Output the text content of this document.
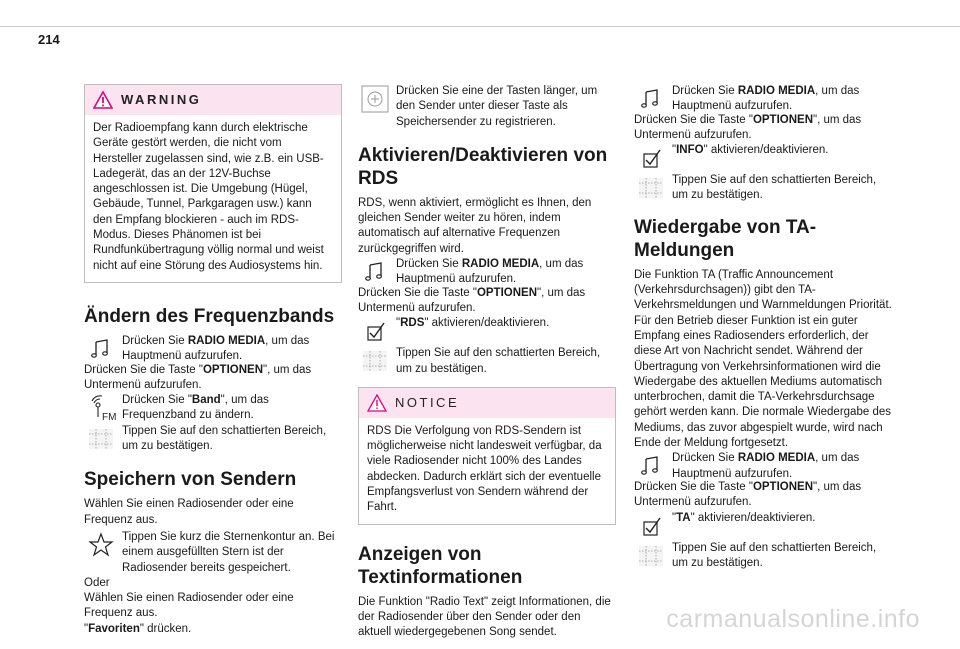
214
WARNING
Der Radioempfang kann durch elektrische Geräte gestört werden, die nicht vom Hersteller zugelassen sind, wie z.B. ein USB-Ladegerät, das an der 12V-Buchse angeschlossen ist. Die Umgebung (Hügel, Gebäude, Tunnel, Parkgaragen usw.) kann den Empfang blockieren - auch im RDS-Modus. Dieses Phänomen ist bei Rundfunkübertragung völlig normal und weist nicht auf eine Störung des Audiosystems hin.
Ändern des Frequenzbands

Drücken Sie RADIO MEDIA, um das Hauptmenü aufzurufen.

Drücken Sie die Taste "OPTIONEN", um das Untermenü aufzurufen.

FM

Drücken Sie "Band", um das Frequenzband zu ändern.

Tippen Sie auf den schattierten Bereich, um zu bestätigen.

Speichern von Sendern

Wählen Sie einen Radiosender oder eine Frequenz aus.

Tippen Sie kurz die Sternenkontur an. Bei einem ausgefüllten Stern ist der Radiosender bereits gespeichert.

Oder

Wählen Sie einen Radiosender oder eine Frequenz aus.

"Favoriten" drücken.

Drücken Sie eine der Tasten länger, um den Sender unter dieser Taste als Speichersender zu registrieren.

Aktivieren/Deaktivieren von RDS

RDS, wenn aktiviert, ermöglicht es Ihnen, den gleichen Sender weiter zu hören, indem automatisch auf alternative Frequenzen zurückgegriffen wird.

Drücken Sie RADIO MEDIA, um das Hauptmenü aufzurufen.

Drücken Sie die Taste "OPTIONEN", um das Untermenü aufzurufen.

"RDS" aktivieren/deaktivieren.

Tippen Sie auf den schattierten Bereich, um zu bestätigen.

NOTICE
RDS Die Verfolgung von RDS-Sendern ist möglicherweise nicht landesweit verfügbar, da viele Radiosender nicht 100% des Landes abdecken. Dadurch erklärt sich der eventuelle Empfangsverlust von Sendern während der Fahrt.
Anzeigen von Textinformationen

Die Funktion "Radio Text" zeigt Informationen, die der Radiosender über den Sender oder den aktuell wiedergegebenen Song sendet.

Drücken Sie RADIO MEDIA, um das Hauptmenü aufzurufen.

Drücken Sie die Taste "OPTIONEN", um das Untermenü aufzurufen.

"INFO" aktivieren/deaktivieren.

Tippen Sie auf den schattierten Bereich, um zu bestätigen.

Wiedergabe von TA-Meldungen

Die Funktion TA (Traffic Announcement (Verkehrsdurchsagen)) gibt den TA-Verkehrsmeldungen und Warnmeldungen Priorität. Für den Betrieb dieser Funktion ist ein guter Empfang eines Radiosenders erforderlich, der diese Art von Nachricht sendet. Während der Übertragung von Verkehrsinformationen wird die Wiedergabe des aktuellen Mediums automatisch unterbrochen, damit die TA-Verkehrsdurchsage gehört werden kann. Die normale Wiedergabe des Mediums, das zuvor abgespielt wurde, wird nach Ende der Meldung fortgesetzt.

Drücken Sie RADIO MEDIA, um das Hauptmenü aufzurufen.

Drücken Sie die Taste "OPTIONEN", um das Untermenü aufzurufen.

"TA" aktivieren/deaktivieren.

Tippen Sie auf den schattierten Bereich, um zu bestätigen.

carmanualsonline.info
